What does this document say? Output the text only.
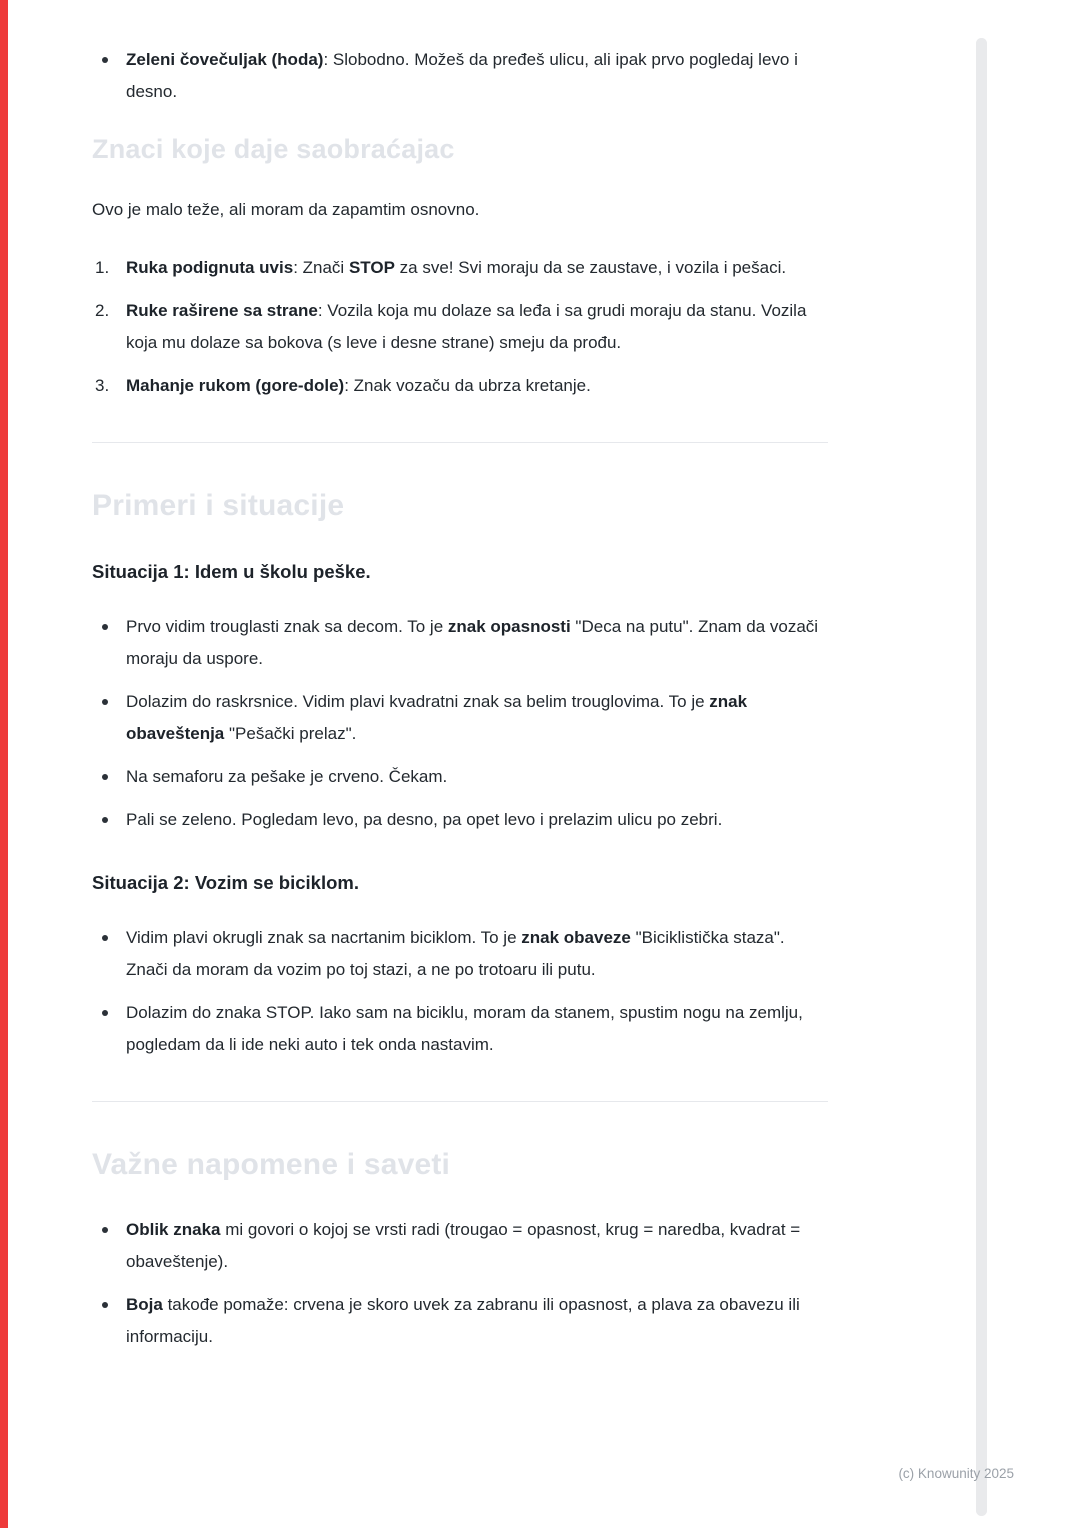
Zeleni čovečuljak (hoda): Slobodno. Možeš da pređeš ulicu, ali ipak prvo pogledaj levo i desno.
Znaci koje daje saobraćajac

Ovo je malo teže, ali moram da zapamtim osnovno.

1. Ruka podignuta uvis: Znači STOP za sve! Svi moraju da se zaustave, i vozila i pešaci.
2. Ruke raširene sa strane: Vozila koja mu dolaze sa leđa i sa grudi moraju da stanu. Vozila koja mu dolaze sa bokova (s leve i desne strane) smeju da prođu.
3. Mahanje rukom (gore-dole): Znak vozaču da ubrza kretanje.
Primeri i situacije
Situacija 1: Idem u školu peške.
Prvo vidim trouglasti znak sa decom. To je znak opasnosti "Deca na putu". Znam da vozači moraju da uspore.
Dolazim do raskrsnice. Vidim plavi kvadratni znak sa belim trouglovima. To je znak obaveštenja "Pešački prelaz".
Na semaforu za pešake je crveno. Čekam.
Pali se zeleno. Pogledam levo, pa desno, pa opet levo i prelazim ulicu po zebri.
Situacija 2: Vozim se biciklom.
Vidim plavi okrugli znak sa nacrtanim biciklom. To je znak obaveze "Biciklistička staza". Znači da moram da vozim po toj stazi, a ne po trotoaru ili putu.
Dolazim do znaka STOP. Iako sam na biciklu, moram da stanem, spustim nogu na zemlju, pogledam da li ide neki auto i tek onda nastavim.
Važne napomene i saveti
Oblik znaka mi govori o kojoj se vrsti radi (trougao = opasnost, krug = naredba, kvadrat = obaveštenje).
Boja takođe pomaže: crvena je skoro uvek za zabranu ili opasnost, a plava za obavezu ili informaciju.
(c) Knowunity 2025
